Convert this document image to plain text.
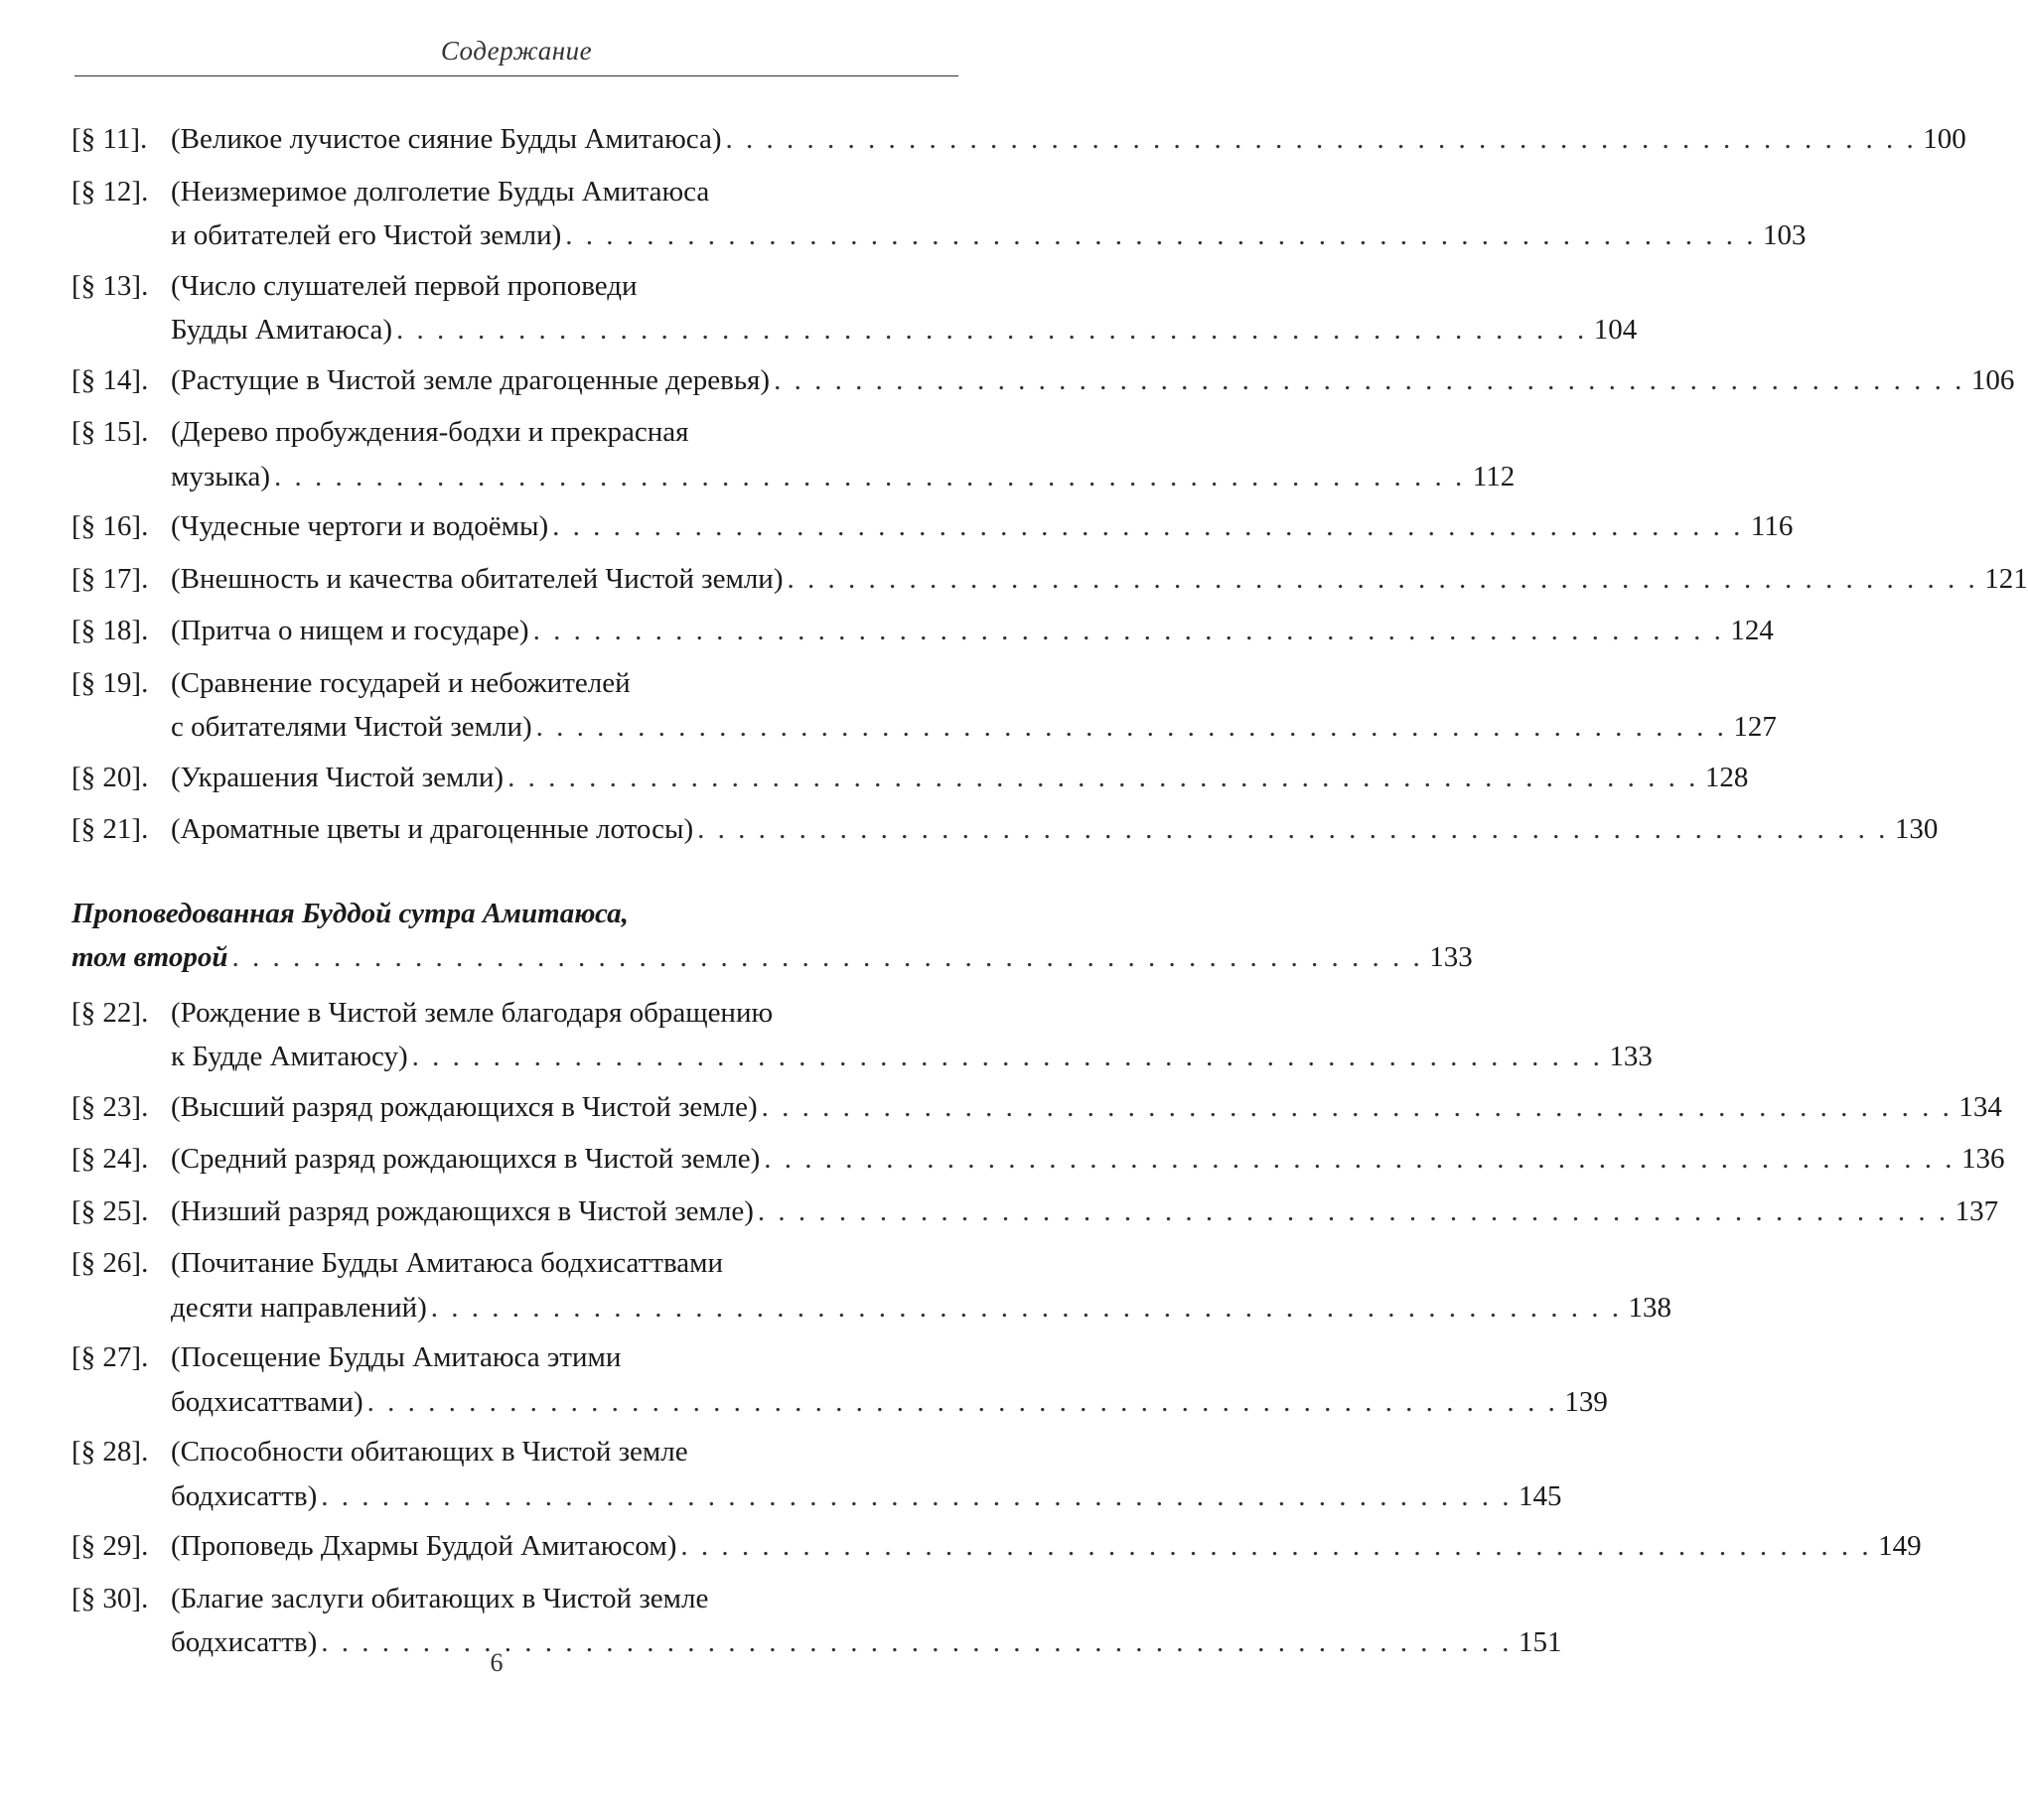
Содержание
[§ 11]. (Великое лучистое сияние Будды Амитаюса) . . .	100
[§ 12]. (Неизмеримое долголетие Будды Амитаюса
и обитателей его Чистой земли) . . .	103
[§ 13]. (Число слушателей первой проповеди
Будды Амитаюса) . . .	104
[§ 14]. (Растущие в Чистой земле драгоценные деревья) . . .	106
[§ 15]. (Дерево пробуждения-бодхи и прекрасная
музыка) . . .	112
[§ 16]. (Чудесные чертоги и водоёмы) . . .	116
[§ 17]. (Внешность и качества обитателей Чистой земли) . . .	121
[§ 18]. (Притча о нищем и государе) . . .	124
[§ 19]. (Сравнение государей и небожителей
с обитателями Чистой земли) . . .	127
[§ 20]. (Украшения Чистой земли) . . .	128
[§ 21]. (Ароматные цветы и драгоценные лотосы) . . .	130
Проповедованная Буддой сутра Амитаюса,
том второй . . .	133
[§ 22]. (Рождение в Чистой земле благодаря обращению
к Будде Амитаюсу) . . .	133
[§ 23]. (Высший разряд рождающихся в Чистой земле) . . .	134
[§ 24]. (Средний разряд рождающихся в Чистой земле) . . .	136
[§ 25]. (Низший разряд рождающихся в Чистой земле) . . .	137
[§ 26]. (Почитание Будды Амитаюса бодхисаттвами
десяти направлений) . . .	138
[§ 27]. (Посещение Будды Амитаюса этими
бодхисаттвами) . . .	139
[§ 28]. (Способности обитающих в Чистой земле
бодхисаттв) . . .	145
[§ 29]. (Проповедь Дхармы Буддой Амитаюсом) . . .	149
[§ 30]. (Благие заслуги обитающих в Чистой земле
бодхисаттв) . . .	151
6
